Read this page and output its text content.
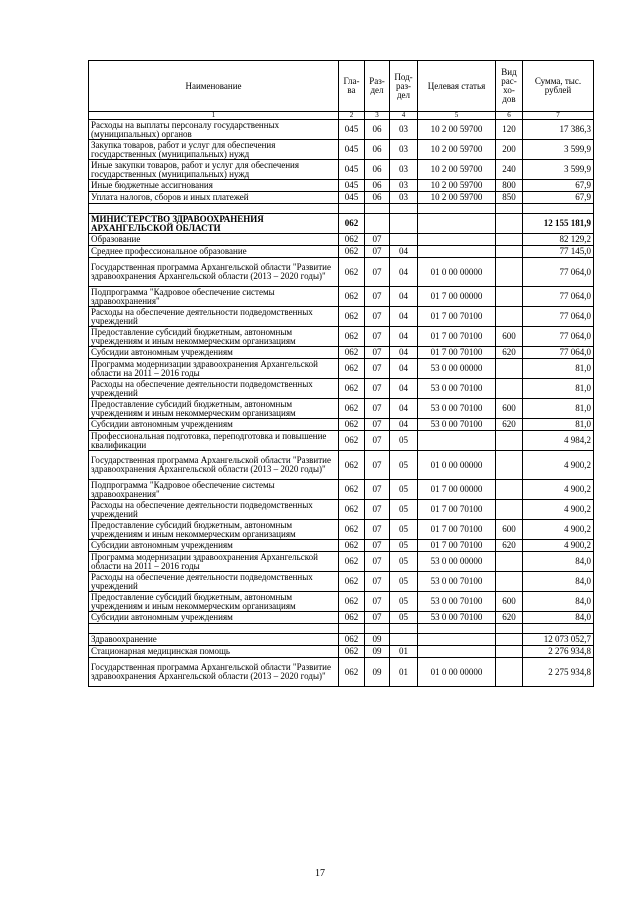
Наименование	Гла- ва	Раз- дел	Под- раз- дел	Целевая статья	Вид рас- хо- дов	Сумма, тыс. рублей
1	2	3	4	5	6	7
Расходы на выплаты персоналу государственных (муниципальных) органов	045	06	03	10 2 00 59700	120	17 386,3
Закупка товаров, работ и услуг для обеспечения государственных (муниципальных) нужд	045	06	03	10 2 00 59700	200	3 599,9
Иные закупки товаров, работ и услуг для обеспечения государственных (муниципальных) нужд	045	06	03	10 2 00 59700	240	3 599,9
Иные бюджетные ассигнования	045	06	03	10 2 00 59700	800	67,9
Уплата налогов, сборов и иных платежей	045	06	03	10 2 00 59700	850	67,9

МИНИСТЕРСТВО ЗДРАВООХРАНЕНИЯ АРХАНГЕЛЬСКОЙ ОБЛАСТИ	062					12 155 181,9
Образование	062	07				82 129,2
Среднее профессиональное образование	062	07	04			77 145,0
Государственная программа Архангельской области "Развитие здравоохранения Архангельской области (2013 – 2020 годы)"	062	07	04	01 0 00 00000		77 064,0
Подпрограмма "Кадровое обеспечение системы здравоохранения"	062	07	04	01 7 00 00000		77 064,0
Расходы на обеспечение деятельности подведомственных учреждений	062	07	04	01 7 00 70100		77 064,0
Предоставление субсидий бюджетным, автономным учреждениям и иным некоммерческим организациям	062	07	04	01 7 00 70100	600	77 064,0
Субсидии автономным учреждениям	062	07	04	01 7 00 70100	620	77 064,0
Программа модернизации здравоохранения Архангельской области на 2011 – 2016 годы	062	07	04	53 0 00 00000		81,0
Расходы на обеспечение деятельности подведомственных учреждений	062	07	04	53 0 00 70100		81,0
Предоставление субсидий бюджетным, автономным учреждениям и иным некоммерческим организациям	062	07	04	53 0 00 70100	600	81,0
Субсидии автономным учреждениям	062	07	04	53 0 00 70100	620	81,0
Профессиональная подготовка, переподготовка и повышение квалификации	062	07	05			4 984,2
Государственная программа Архангельской области "Развитие здравоохранения Архангельской области (2013 – 2020 годы)"	062	07	05	01 0 00 00000		4 900,2
Подпрограмма "Кадровое обеспечение системы здравоохранения"	062	07	05	01 7 00 00000		4 900,2
Расходы на обеспечение деятельности подведомственных учреждений	062	07	05	01 7 00 70100		4 900,2
Предоставление субсидий бюджетным, автономным учреждениям и иным некоммерческим организациям	062	07	05	01 7 00 70100	600	4 900,2
Субсидии автономным учреждениям	062	07	05	01 7 00 70100	620	4 900,2
Программа модернизации здравоохранения Архангельской области на 2011 – 2016 годы	062	07	05	53 0 00 00000		84,0
Расходы на обеспечение деятельности подведомственных учреждений	062	07	05	53 0 00 70100		84,0
Предоставление субсидий бюджетным, автономным учреждениям и иным некоммерческим организациям	062	07	05	53 0 00 70100	600	84,0
Субсидии автономным учреждениям	062	07	05	53 0 00 70100	620	84,0

Здравоохранение	062	09				12 073 052,7
Стационарная медицинская помощь	062	09	01			2 276 934,8
Государственная программа Архангельской области "Развитие здравоохранения Архангельской области (2013 – 2020 годы)"	062	09	01	01 0 00 00000		2 275 934,8
17
